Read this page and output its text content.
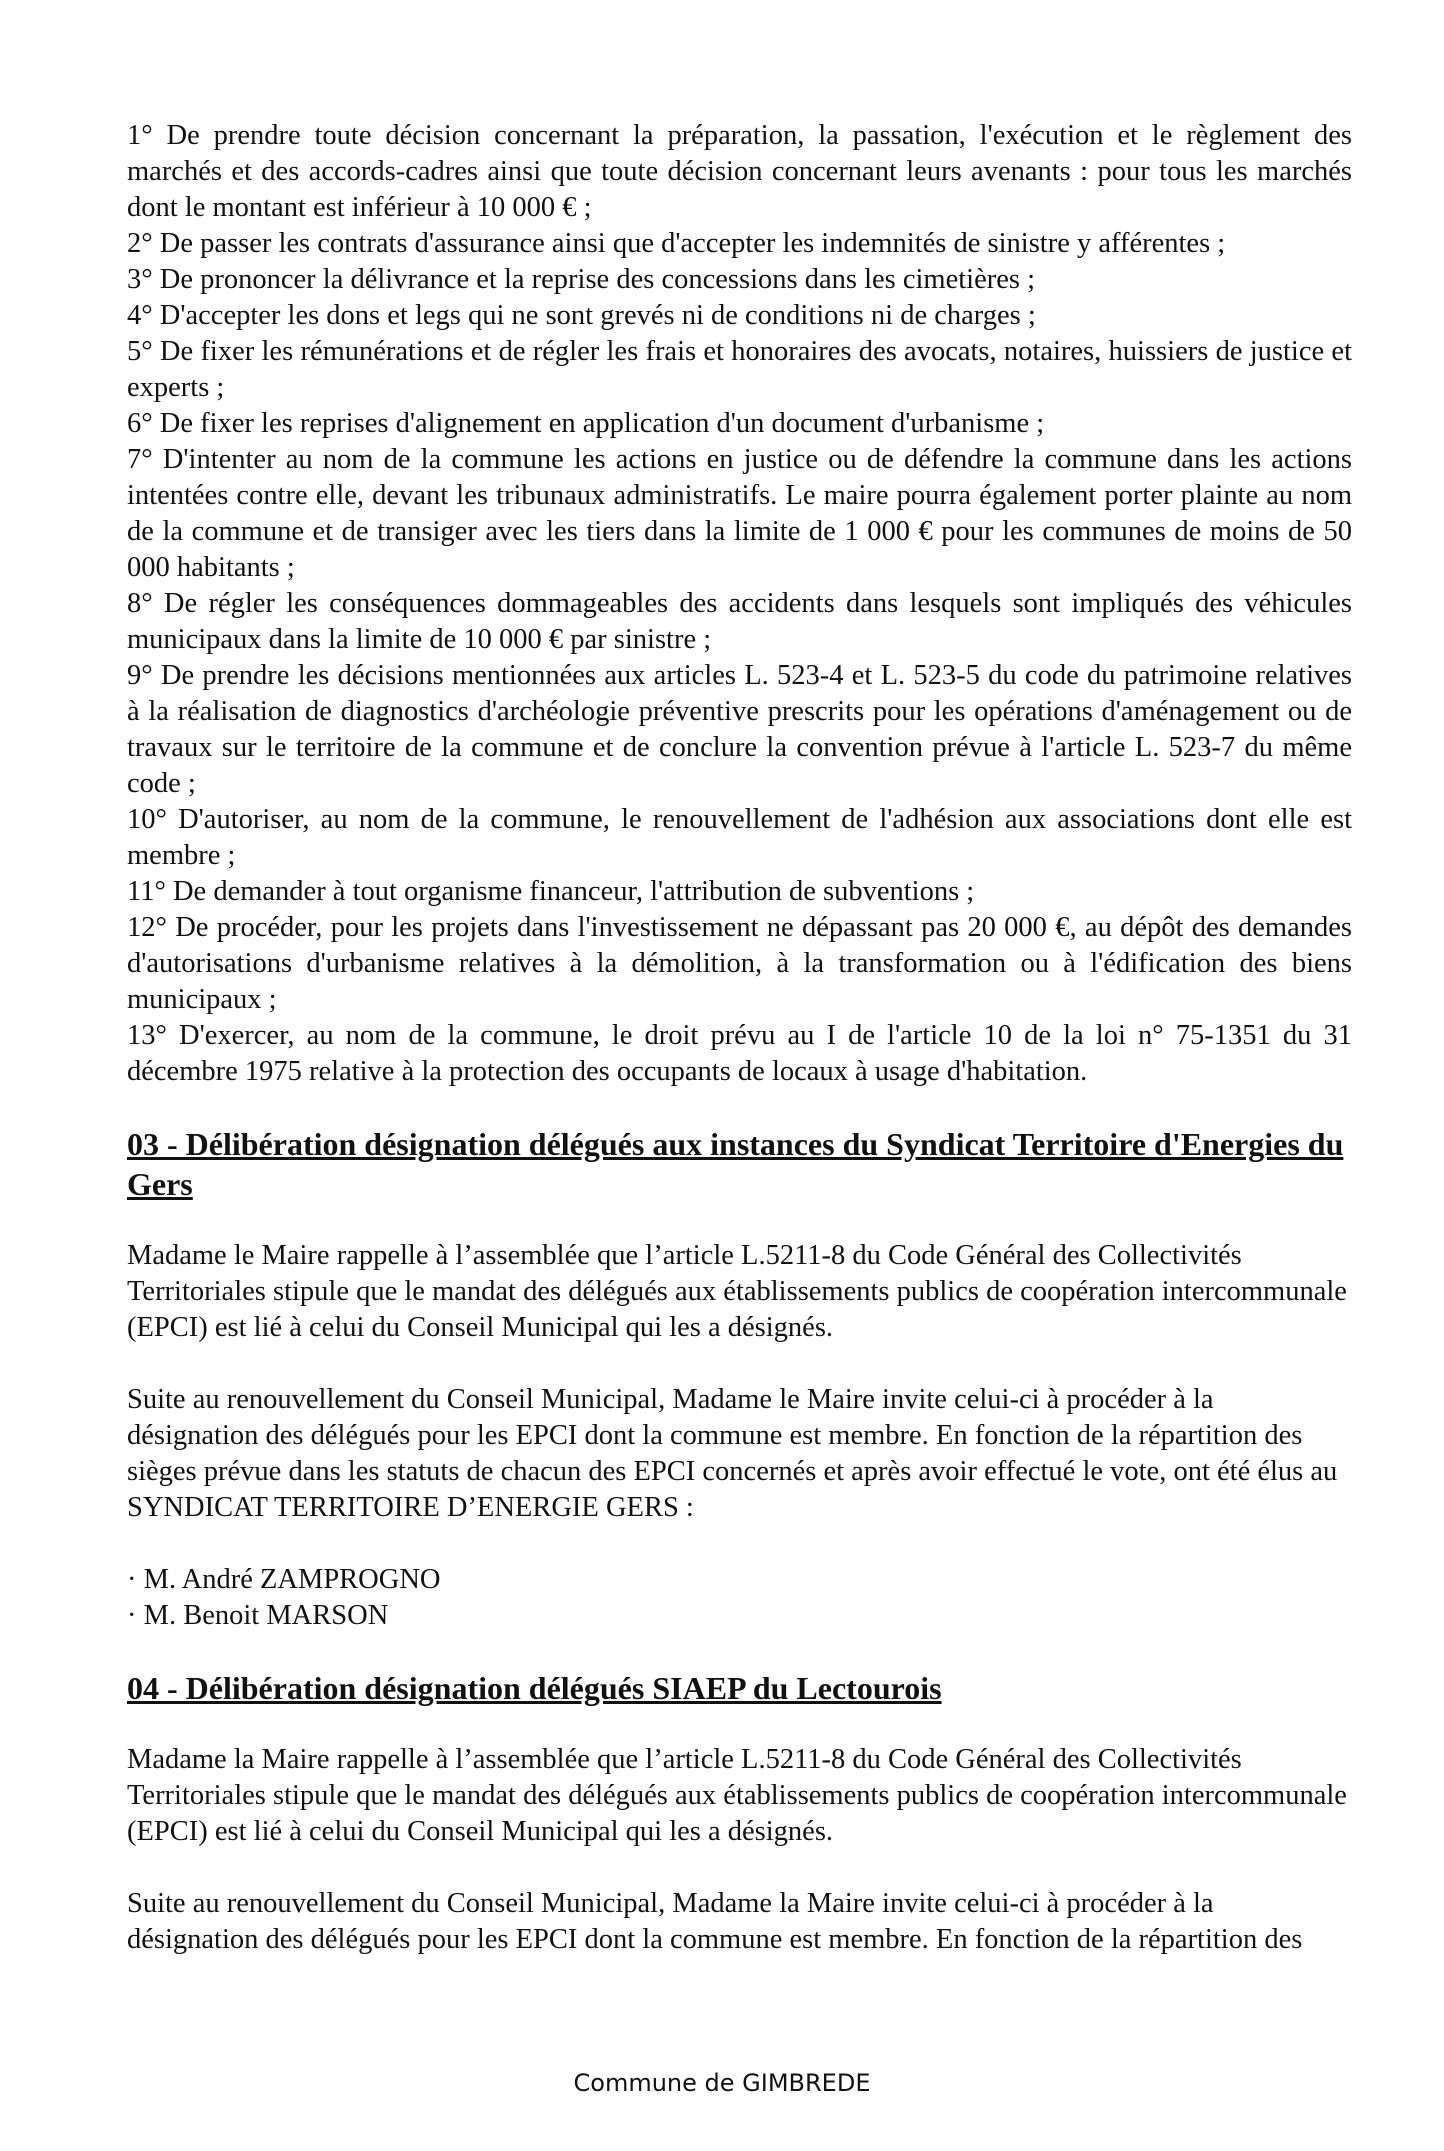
1° De prendre toute décision concernant la préparation, la passation, l'exécution et le règlement des marchés et des accords-cadres ainsi que toute décision concernant leurs avenants : pour tous les marchés dont le montant est inférieur à 10 000 € ;
2° De passer les contrats d'assurance ainsi que d'accepter les indemnités de sinistre y afférentes ;
3° De prononcer la délivrance et la reprise des concessions dans les cimetières ;
4° D'accepter les dons et legs qui ne sont grevés ni de conditions ni de charges ;
5° De fixer les rémunérations et de régler les frais et honoraires des avocats, notaires, huissiers de justice et experts ;
6° De fixer les reprises d'alignement en application d'un document d'urbanisme ;
7° D'intenter au nom de la commune les actions en justice ou de défendre la commune dans les actions intentées contre elle, devant les tribunaux administratifs. Le maire pourra également porter plainte au nom de la commune et de transiger avec les tiers dans la limite de 1 000 € pour les communes de moins de 50 000 habitants ;
8° De régler les conséquences dommageables des accidents dans lesquels sont impliqués des véhicules municipaux dans la limite de 10 000 € par sinistre ;
9° De prendre les décisions mentionnées aux articles L. 523-4 et L. 523-5 du code du patrimoine relatives à la réalisation de diagnostics d'archéologie préventive prescrits pour les opérations d'aménagement ou de travaux sur le territoire de la commune et de conclure la convention prévue à l'article L. 523-7 du même code ;
10° D'autoriser, au nom de la commune, le renouvellement de l'adhésion aux associations dont elle est membre ;
11° De demander à tout organisme financeur, l'attribution de subventions ;
12° De procéder, pour les projets dans l'investissement ne dépassant pas 20 000 €, au dépôt des demandes d'autorisations d'urbanisme relatives à la démolition, à la transformation ou à l'édification des biens municipaux ;
13° D'exercer, au nom de la commune, le droit prévu au I de l'article 10 de la loi n° 75-1351 du 31 décembre 1975 relative à la protection des occupants de locaux à usage d'habitation.
03 - Délibération désignation délégués aux instances du Syndicat Territoire d'Energies du Gers

Madame le Maire rappelle à l’assemblée que l’article L.5211-8 du Code Général des Collectivités Territoriales stipule que le mandat des délégués aux établissements publics de coopération intercommunale (EPCI) est lié à celui du Conseil Municipal qui les a désignés.

Suite au renouvellement du Conseil Municipal, Madame le Maire invite celui-ci à procéder à la désignation des délégués pour les EPCI dont la commune est membre. En fonction de la répartition des sièges prévue dans les statuts de chacun des EPCI concernés et après avoir effectué le vote, ont été élus au SYNDICAT TERRITOIRE D’ENERGIE GERS :

· M. André ZAMPROGNO

· M. Benoit MARSON

04 - Délibération désignation délégués SIAEP du Lectourois

Madame la Maire rappelle à l’assemblée que l’article L.5211-8 du Code Général des Collectivités Territoriales stipule que le mandat des délégués aux établissements publics de coopération intercommunale (EPCI) est lié à celui du Conseil Municipal qui les a désignés.

Suite au renouvellement du Conseil Municipal, Madame la Maire invite celui-ci à procéder à la désignation des délégués pour les EPCI dont la commune est membre. En fonction de la répartition des

Commune de GIMBREDE
